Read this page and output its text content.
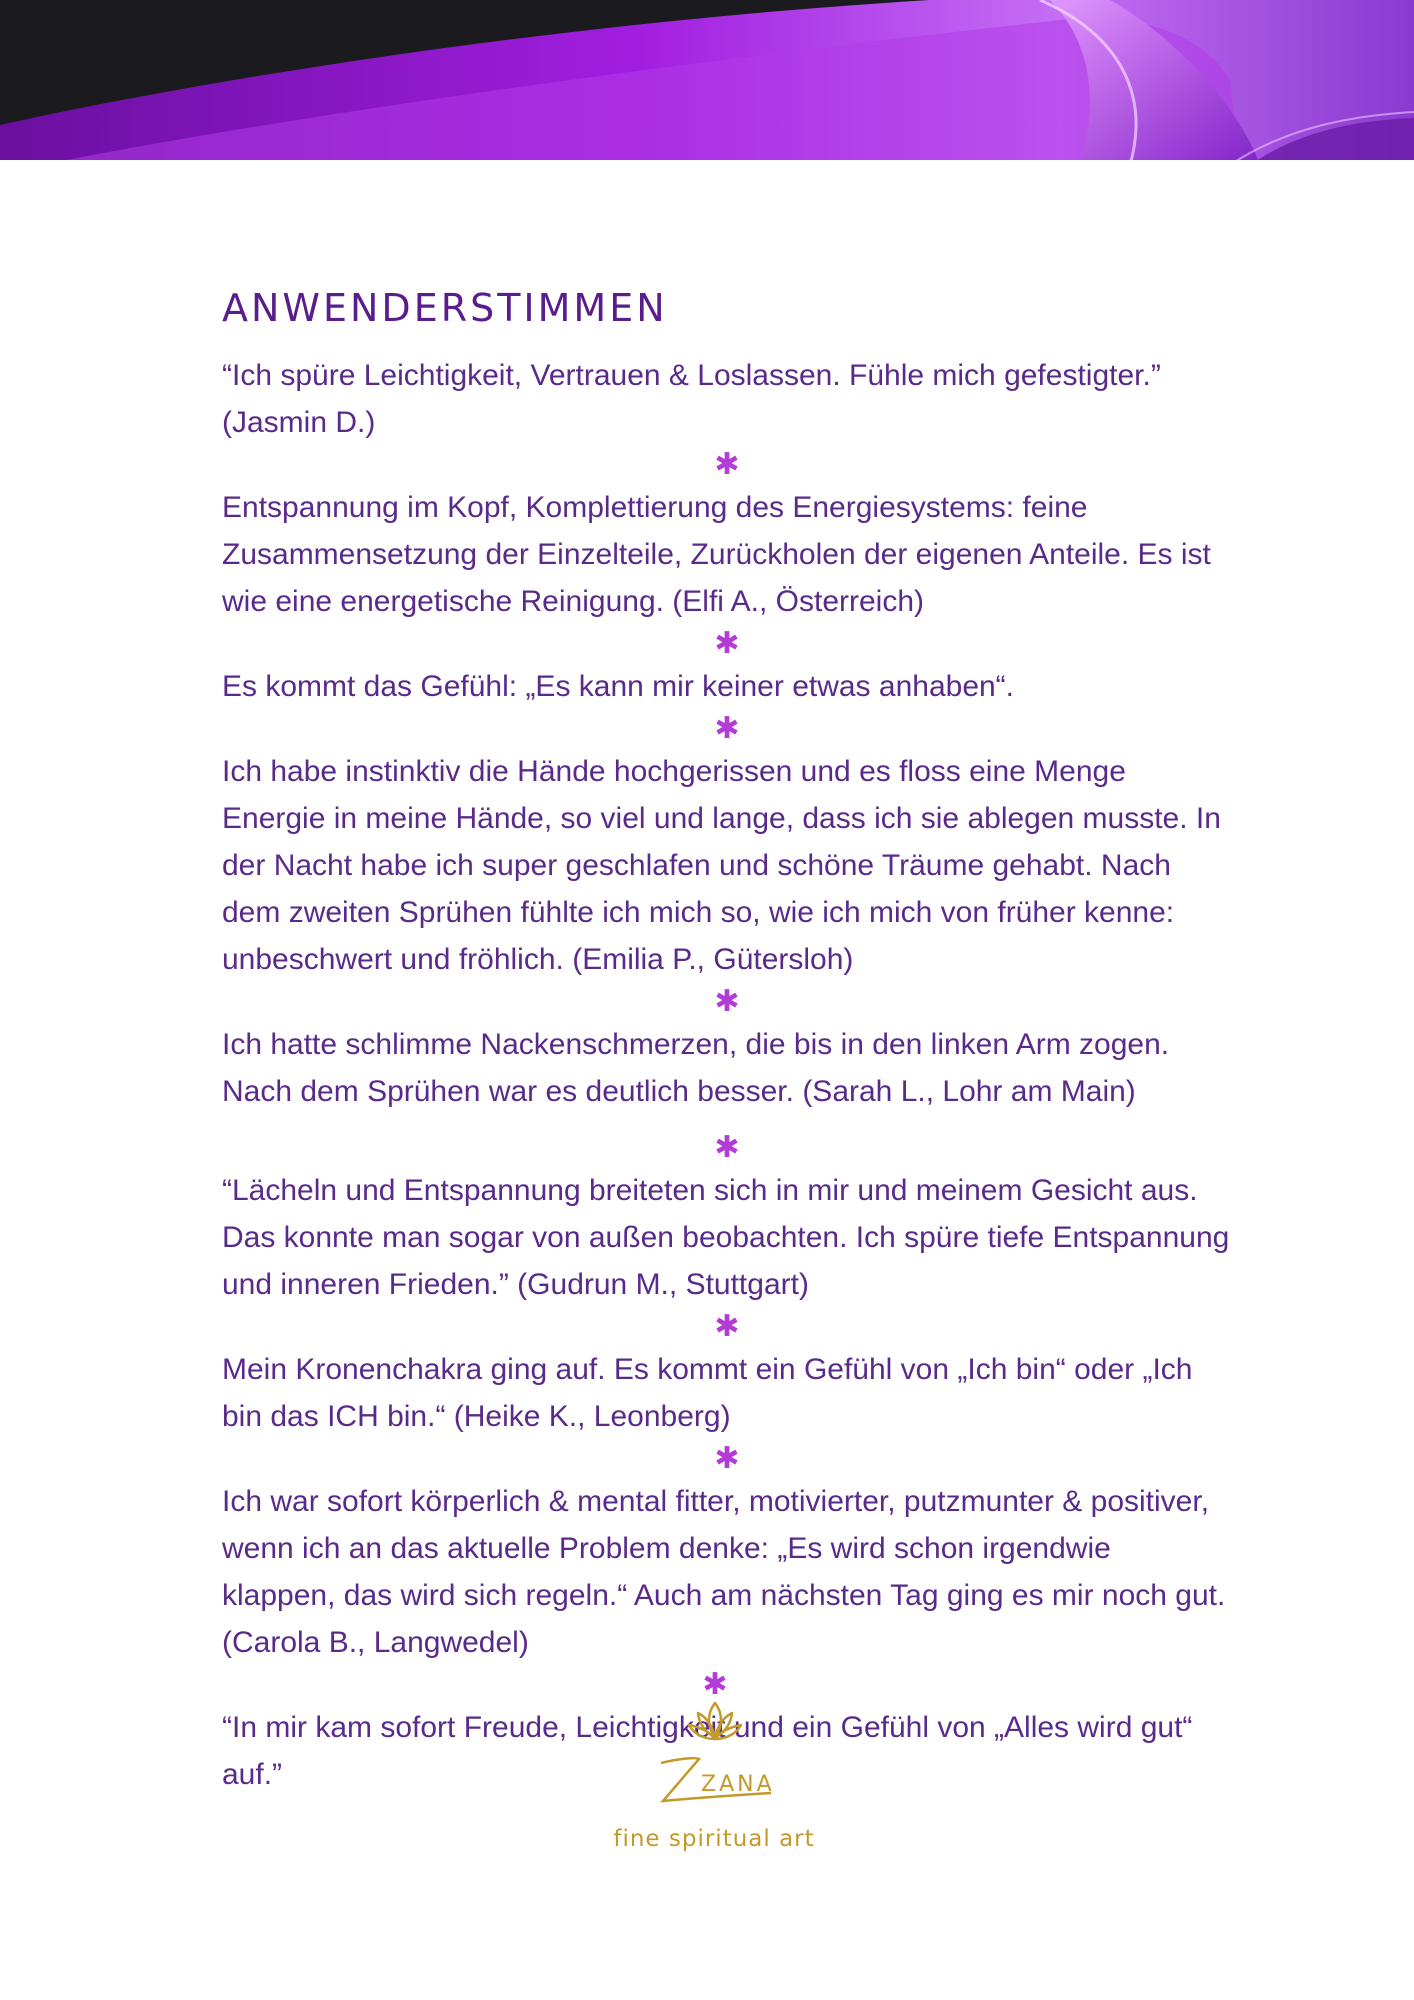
ANWENDERSTIMMEN

“Ich spüre Leichtigkeit, Vertrauen & Loslassen. Fühle mich gefestigter.” (Jasmin D.)

✱

Entspannung im Kopf, Komplettierung des Energiesystems: feine Zusammensetzung der Einzelteile, Zurückholen der eigenen Anteile. Es ist wie eine energetische Reinigung. (Elfi A., Österreich)

✱

Es kommt das Gefühl: „Es kann mir keiner etwas anhaben“.

✱

Ich habe instinktiv die Hände hochgerissen und es floss eine Menge Energie in meine Hände, so viel und lange, dass ich sie ablegen musste. In der Nacht habe ich super geschlafen und schöne Träume gehabt. Nach dem zweiten Sprühen fühlte ich mich so, wie ich mich von früher kenne: unbeschwert und fröhlich. (Emilia P., Gütersloh)

✱

Ich hatte schlimme Nackenschmerzen, die bis in den linken Arm zogen. Nach dem Sprühen war es deutlich besser. (Sarah L., Lohr am Main)

✱

“Lächeln und Entspannung breiteten sich in mir und meinem Gesicht aus. Das konnte man sogar von außen beobachten. Ich spüre tiefe Entspannung und inneren Frieden.” (Gudrun M., Stuttgart)

✱

Mein Kronenchakra ging auf. Es kommt ein Gefühl von „Ich bin“ oder „Ich bin das ICH bin.“ (Heike K., Leonberg)

✱

Ich war sofort körperlich & mental fitter, motivierter, putzmunter & positiver, wenn ich an das aktuelle Problem denke: „Es wird schon irgendwie klappen, das wird sich regeln.“ Auch am nächsten Tag ging es mir noch gut. (Carola B., Langwedel)

✱

“In mir kam sofort Freude, Leichtigkeit und ein Gefühl von „Alles wird gut“ auf.”	ZANA
fine spiritual art
